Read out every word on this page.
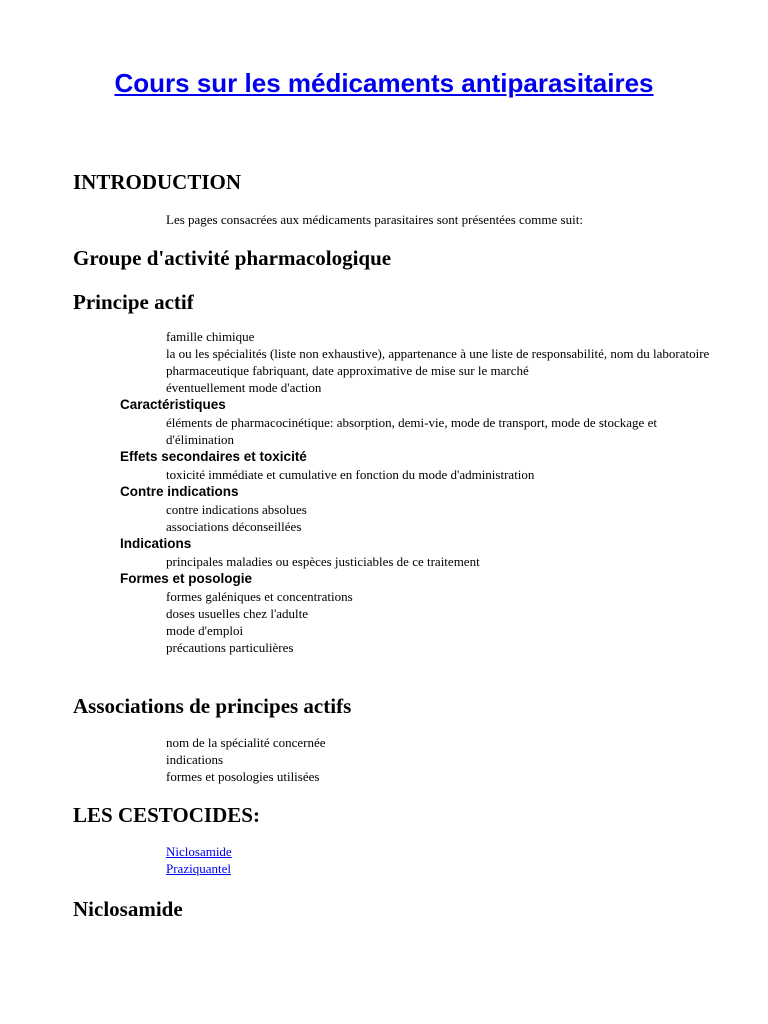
Cours sur les médicaments antiparasitaires
INTRODUCTION

Les pages consacrées aux médicaments parasitaires sont présentées comme suit:

Groupe d'activité pharmacologique
Principe actif
famille chimique
la ou les spécialités (liste non exhaustive), appartenance à une liste de responsabilité, nom du laboratoire pharmaceutique fabriquant, date approximative de mise sur le marché
éventuellement mode d'action
Caractéristiques
éléments de pharmacocinétique: absorption, demi-vie, mode de transport, mode de stockage et d'élimination
Effets secondaires et toxicité
toxicité immédiate et cumulative en fonction du mode d'administration
Contre indications
contre indications absolues
associations déconseillées
Indications
principales maladies ou espèces justiciables de ce traitement
Formes et posologie
formes galéniques et concentrations
doses usuelles chez l'adulte
mode d'emploi
précautions particulières
Associations de principes actifs
nom de la spécialité concernée
indications
formes et posologies utilisées
LES CESTOCIDES:
Niclosamide
Praziquantel
Niclosamide
